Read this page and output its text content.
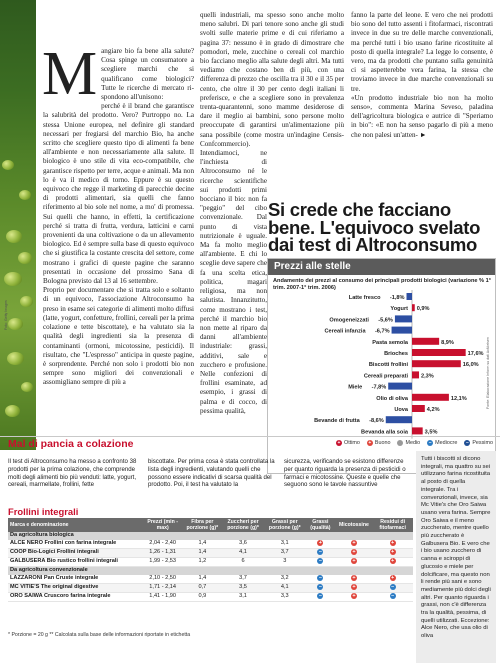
Foto: Getty Images
M angiare bio fa bene alla salute? Cosa spinge un consumatore a scegliere marchi che si qualificano come biologici? Tutte le ricerche di mercato ri-spondono all'unisono:

perché è il brand che garantisce la salubrità del prodotto. Vero? Purtroppo no. La stessa Unione europea, nel definire gli standard necessari per fregiarsi del marchio Bio, ha anche scritto che scegliere questo tipo di alimenti fa bene all'ambiente e non necessariamente alla salute. Il biologico è uno stile di vita eco-compatibile, che garantisce rispetto per terre, acque e animali. Ma non lo è va il medico di torno. Eppure è su questo equivoco che regge il marketing di parecchie decine di prodotti alimentari, sia quelli che fanno riferimento al bio sole nel nome, a mo' di promessa. Sui quelli che hanno, in effetti, la certificazione perché si tratta di frutta, verdura, latticini e carni provenienti da una coltivazione o da un allevamento biologico. Ed è sempre sulla base di questo equivoco che si giustifica la costante crescita del settore, come mostrano i grafici di queste pagine che saranno presentati in occasione del prossimo Sana di Bologna previsto dal 13 al 16 settembre.

Proprio per documentare che si tratta solo e soltanto di un equivoco, l'associazione Altroconsumo ha preso in esame sei categorie di alimenti molto diffusi (latte, yogurt, confetture, frollini, cereali per la prima colazione e tette biscottate), e ha valutato sia la qualità degli ingredienti sia la presenza di contaminanti (ormoni, micotossine, pesticidi). Il risultato, che "L'espresso" anticipa in queste pagine, è sorprendente. Perché non solo i prodotti bio non sempre sono migliori dei convenzionali e assomigliano sempre di più a

quelli industriali, ma spesso sono anche molto meno salubri. Di pari tenore sono anche gli studi svolti sulle materie prime e di cui riferiamo a pagina 37: nessuno è in grado di dimostrare che pomodori, mele, zucchine o cereali col marchio bio facciano meglio alla salute degli altri. Ma tutti vediamo che costano ben di più, con una differenza di prezzo che oscilla tra il 30 e il 35 per cento, che oltre il 30 per cento degli italiani li preferisce, e che a scegliere sono in prevalenza trenta-quarantenni, sono mamme desiderose di dare il meglio ai bambini, sono persone molto preoccupate di garantirsi un'alimentazione più sana possibile (come mostra un'indagine Censis-Confcommercio).

Intendiamoci, ne l'inchiesta di Altroconsumo né le ricerche scientifiche sui prodotti primi bocciano il bio: non fa "peggio" del cibo convenzionale. Dal punto di vista nutrizionale è uguale. Ma fa molto meglio all'ambiente. E chi lo sceglie deve sapere che fa una scelta etica, politica, magari religiosa, ma non salutista. Innanzitutto, come mostrano i test, perché il marchio bio non mette al riparo da danni all'ambiente industriale: grassi, additivi, sale e zucchero e profusione. Nelle confezioni di frollini esaminate, ad esempio, i grassi di palma e di cocco, di pessima qualità,

fanno la parte del leone. E vero che nei prodotti bio sono del tutto assenti i fitofarmaci, riscontrati invece in due su tre delle marche convenzionali, ma perché tutti i bio usano farine ricostituite al posto di quella integrale? La legge lo consente, è vero, ma da prodotti che puntano sulla genuinità ci si aspetterebbe vera farina, la stessa che troviamo invece in due marche convenzionali su tre.

«Un prodotto industriale bio non ha molto senso», commenta Marina Seveso, paladina dell'agricoltura biologica e autrice di "Speriamo in bio": «E non ha senso pagarlo di più a meno che non palesi un'atten- ►

Si crede che facciano bene. L'equivoco svelato dai test di Altroconsumo
Prezzi alle stelle
Andamento dei prezzi al consumo dei principali prodotti biologici (variazione % 1° trim. 2007-1° trim. 2006)
Latte fresco -1,8%
Yogurt 0,9%
Omogeneizzati -5,6%
Cereali infanzia -6,7%
Pasta semola	8,9%
Brioches	17,6%
Biscotti frollini	16,0%
Cereali preparati 2,3%
Miele -7,8%
Olio di oliva	12,1%
Uova	4,2%
Bevande di frutta -8,6%
Bevanda alla soia	3,5%
Fonte: Elaborazione Inform su dati AcNielsen
Mal di pancia a colazione	+ Ottimo	+ Buono	Medio	– Mediocre	– Pessimo
Il test di Altroconsumo ha messo a confronto 38 prodotti per la prima colazione, che comprende molti degli alimenti bio più venduti: latte, yogurt, cereali, marmellate, frollini, fette
biscottate. Per prima cosa è stata controllata la lista degli ingredienti, valutando quelli che possono essere indicativi di scarsa qualità del prodotto. Poi, il test ha valutato la
sicurezza, verificando se esistono differenze per quanto riguarda la presenza di pesticidi o farmaci e micotossine. Queste e quelle che seguono sono le tavole nassuntive

Tutti i biscotti sì dicono integrali, ma quattro su sei utilizzano farina ricostituita al posto di quella integrale. Tra i convenzionali, invece, sia Mc Vitie's che Oro Saiwa usano vera farina. Sempre Oro Saiwa e il meno zuccherato, mentre quello più zuccherato è Galbusera Bio. E vero che i bio usano zucchero di canna e sciroppi di glucosio e miele per dolcificare, ma questo non li rende più sani e sono mediamente più dolci degli altri. Per quanto riguarda i grassi, non c'è differenza tra la qualità, pessima, di quelli utilizzati. Eccezione: Alce Nero, che usa olio di oliva

Frollini integrali
Marca e denominazione	Prezzi (min - max)	Fibra per porzione (g)*	Zuccheri per porzione (g)*	Grassi per porzione (g)*	Grassi (qualità)	Micotossine	Residui di fitofarmaci
Da agricoltura biologica							
ALCE NERO Frollini con farina integrale	2,04 - 2,40	1,4	3,6	3,1	+	+	+
COOP Bio-Logici Frollini integrali	1,26 - 1,31	1,4	4,1	3,7	–	+	+
GALBUSERA Bio rustico frollini integrali	1,99 - 2,53	1,2	6	3	–	+	+
Da agricoltura convenzionale							
LAZZARONI Pan Cruste integrale	2,10 - 2,50	1,4	3,7	3,2	–	+	+
MC VITIE'S The original digestive	1,71 - 2,14	0,7	3,5	4,1	–	+	–
ORO SAIWA Cruscoro farina integrale	1,41 - 1,90	0,9	3,1	3,3	–	+	–
* Porzione = 20 g ** Calcolata sulla base delle informazioni riportate in etichetta
